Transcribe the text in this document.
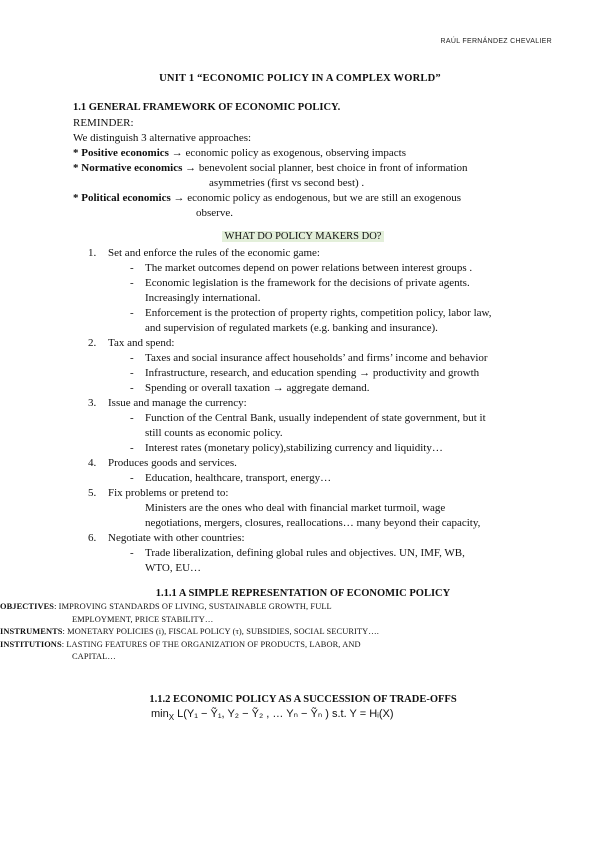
RAÚL FERNÁNDEZ CHEVALIER
UNIT 1 “ECONOMIC POLICY IN A COMPLEX WORLD”
1.1 GENERAL FRAMEWORK OF ECONOMIC POLICY.
REMINDER:
We distinguish 3 alternative approaches:
* Positive economics → economic policy as exogenous, observing impacts
* Normative economics → benevolent social planner, best choice in front of information
asymmetries (first vs second best) .
* Political economics → economic policy as endogenous, but we are still an exogenous
observe.
WHAT DO POLICY MAKERS DO?
1. Set and enforce the rules of the economic game:
- The market outcomes depend on power relations between interest groups .
- Economic legislation is the framework for the decisions of private agents.
Increasingly international.
- Enforcement is the protection of property rights, competition policy, labor law,
and supervision of regulated markets (e.g. banking and insurance).
2. Tax and spend:
- Taxes and social insurance affect households’ and firms’ income and behavior
- Infrastructure, research, and education spending → productivity and growth
- Spending or overall taxation → aggregate demand.
3. Issue and manage the currency:
- Function of the Central Bank, usually independent of state government, but it
still counts as economic policy.
- Interest rates (monetary policy),stabilizing currency and liquidity…
4. Produces goods and services.
- Education, healthcare, transport, energy…
5. Fix problems or pretend to:
Ministers are the ones who deal with financial market turmoil, wage
negotiations, mergers, closures, reallocations… many beyond their capacity,
6. Negotiate with other countries:
- Trade liberalization, defining global rules and objectives. UN, IMF, WB,
WTO, EU…
1.1.1 A SIMPLE REPRESENTATION OF ECONOMIC POLICY
OBJECTIVES: IMPROVING STANDARDS OF LIVING, SUSTAINABLE GROWTH, FULL
EMPLOYMENT, PRICE STABILITY…
INSTRUMENTS: MONETARY POLICIES (i), FISCAL POLICY (τ), SUBSIDIES, SOCIAL SECURITY….
INSTITUTIONS: LASTING FEATURES OF THE ORGANIZATION OF PRODUCTS, LABOR, AND
CAPITAL…
1.1.2 ECONOMIC POLICY AS A SUCCESSION OF TRADE-OFFS
$\min_X L(Y_1$ − Ỹ₁, Y₂ − Ỹ₂ , … Yₙ − Ỹₙ ) s.t. Y = Hᵢ(X)
